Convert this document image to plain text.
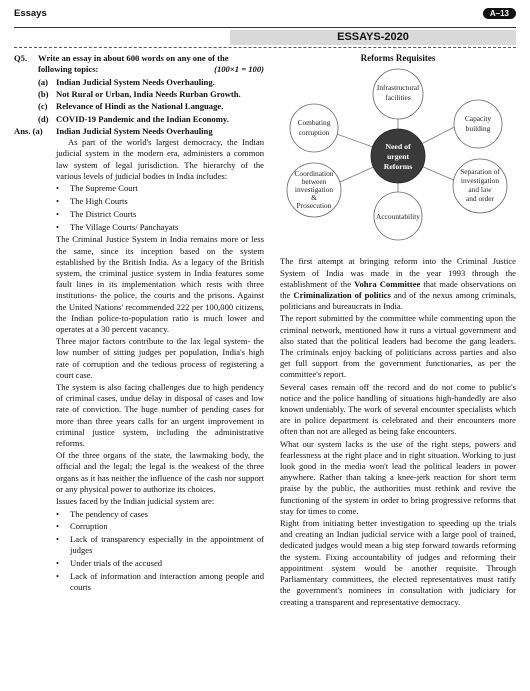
Essays	A–13
ESSAYS-2020
Q5.	Write an essay in about 600 words on any one of the following topics:	(100×1 = 100)
(a) Indian Judicial System Needs Overhauling.
(b) Not Rural or Urban, India Needs Rurban Growth.
(c) Relevance of Hindi as the National Language.
(d) COVID-19 Pandemic and the Indian Economy.
Ans. (a)	Indian Judicial System Needs Overhauling

As part of the world's largest democracy, the Indian judicial system in the modern era, administers a common law system of legal jurisdiction. The hierarchy of the various levels of judicial bodies in India includes:

•	The Supreme Court
•	The High Courts
•	The District Courts
•	The Village Courts/ Panchayats

The Criminal Justice System in India remains more or less the same, since its inception based on the system established by the British India. As a legacy of the British system, the criminal justice system in India features some fault lines in its implementation which rests with three institutions- the police, the courts and the prisons. Against the United Nations' recommended 222 per 100,000 citizens, the Indian police-to-population ratio is much lower and operates at a 30 percent vacancy.

Three major factors contribute to the lax legal system- the low number of sitting judges per population, India's high rate of corruption and the tedious process of registering a court case.

The system is also facing challenges due to high pendency of criminal cases, undue delay in disposal of cases and low rate of conviction. The huge number of pending cases for more than three years calls for an urgent improvement in criminal justice system, including the administrative reforms.

Of the three organs of the state, the lawmaking body, the official and the legal; the legal is the weakest of the three organs as it has neither the influence of the cash nor support or any physical power to authorize its choices.

Issues faced by the Indian judicial system are:

•	The pendency of cases
•	Corruption
•	Lack of transparency especially in the appointment of judges
•	Under trials of the accused
•	Lack of information and interaction among people and courts
Reforms Requisites
Need of
urgent
Reforms
Infrastructural
facilities
Capacity
building
Separation of
investigation
and law
and order
Accountability
Coordination
between
investigation
&
Prosecution
Combating
corruption

The first attempt at bringing reform into the Criminal Justice System of India was made in the year 1993 through the establishment of the Vohra Committee that made observations on the Criminalization of politics and of the nexus among criminals, politicians and bureaucrats in India.

The report submitted by the committee while commenting upon the criminal network, mentioned how it runs a virtual government and also stated that the political leaders had become the gang leaders. The criminals enjoy backing of politicians across parties and also get full support from the government functionaries, as per the committee's report.

Several cases remain off the record and do not come to public's notice and the police handling of situations high-handedly are also known undeniably. The work of several encounter specialists which are in police department is celebrated and their encounters more often than not are alleged as being fake encounters.

What our system lacks is the use of the right steps, powers and fearlessness at the right place and in right situation. Working to just look good in the media won't lead the political leaders in power anywhere. Rather than taking a knee-jerk reaction for short term praise by the public, the authorities must rethink and revive the functioning of the system in order to bring progressive reforms that stay for times to come.

Right from initiating better investigation to speeding up the trials and creating an Indian judicial service with a large pool of trained, dedicated judges would mean a big step forward towards reforming the system. Fixing accountability of judges and reforming their appointment system would be another requisite. Through Parliamentary committees, the elected representatives must ratify the government's nominees in consultation with judiciary for creating a transparent and representative democracy.
